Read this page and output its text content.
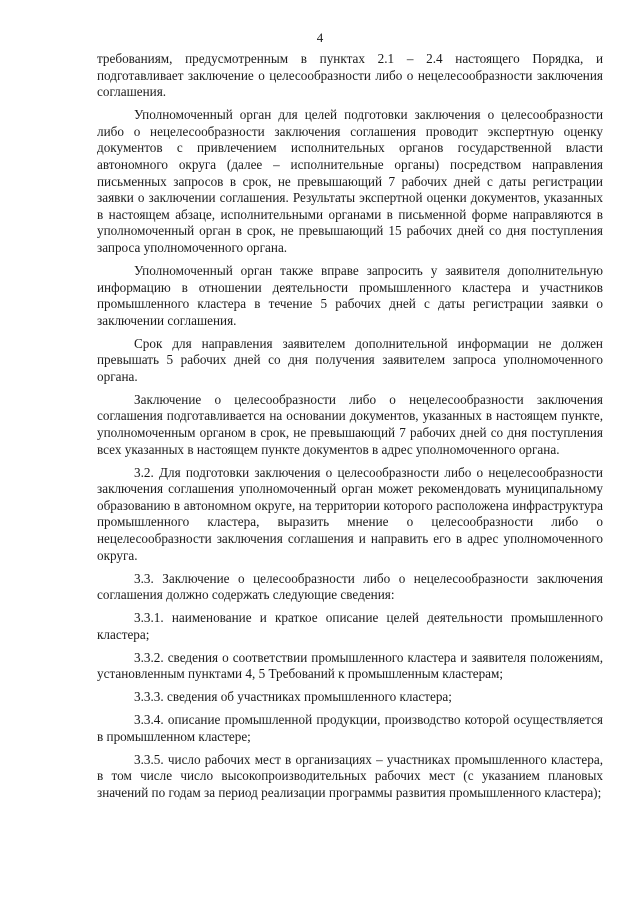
4

требованиям, предусмотренным в пунктах 2.1 – 2.4 настоящего Порядка, и подготавливает заключение о целесообразности либо о нецелесообразности заключения соглашения.

Уполномоченный орган для целей подготовки заключения о целесообразности либо о нецелесообразности заключения соглашения проводит экспертную оценку документов с привлечением исполнительных органов государственной власти автономного округа (далее – исполнительные органы) посредством направления письменных запросов в срок, не превышающий 7 рабочих дней с даты регистрации заявки о заключении соглашения. Результаты экспертной оценки документов, указанных в настоящем абзаце, исполнительными органами в письменной форме направляются в уполномоченный орган в срок, не превышающий 15 рабочих дней со дня поступления запроса уполномоченного органа.

Уполномоченный орган также вправе запросить у заявителя дополнительную информацию в отношении деятельности промышленного кластера и участников промышленного кластера в течение 5 рабочих дней с даты регистрации заявки о заключении соглашения.

Срок для направления заявителем дополнительной информации не должен превышать 5 рабочих дней со дня получения заявителем запроса уполномоченного органа.

Заключение о целесообразности либо о нецелесообразности заключения соглашения подготавливается на основании документов, указанных в настоящем пункте, уполномоченным органом в срок, не превышающий 7 рабочих дней со дня поступления всех указанных в настоящем пункте документов в адрес уполномоченного органа.

3.2. Для подготовки заключения о целесообразности либо о нецелесообразности заключения соглашения уполномоченный орган может рекомендовать муниципальному образованию в автономном округе, на территории которого расположена инфраструктура промышленного кластера, выразить мнение о целесообразности либо о нецелесообразности заключения соглашения и направить его в адрес уполномоченного округа.

3.3. Заключение о целесообразности либо о нецелесообразности заключения соглашения должно содержать следующие сведения:

3.3.1. наименование и краткое описание целей деятельности промышленного кластера;

3.3.2. сведения о соответствии промышленного кластера и заявителя положениям, установленным пунктами 4, 5 Требований к промышленным кластерам;

3.3.3. сведения об участниках промышленного кластера;

3.3.4. описание промышленной продукции, производство которой осуществляется в промышленном кластере;

3.3.5. число рабочих мест в организациях – участниках промышленного кластера, в том числе число высокопроизводительных рабочих мест (с указанием плановых значений по годам за период реализации программы развития промышленного кластера);
